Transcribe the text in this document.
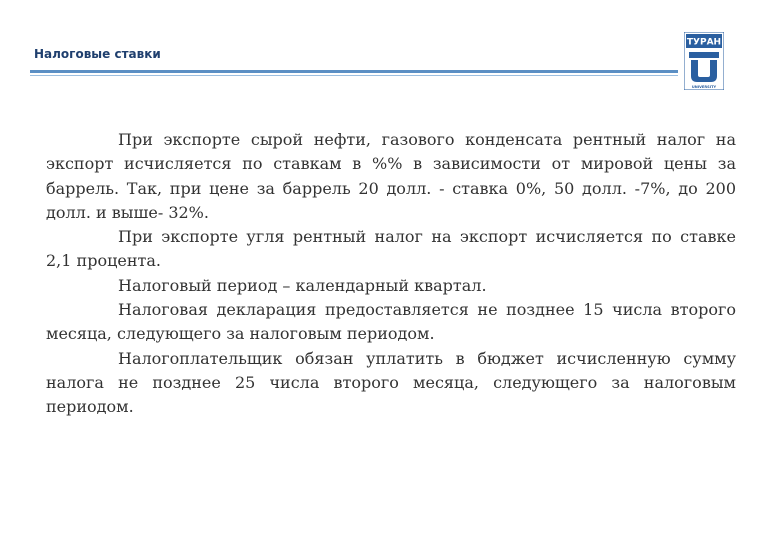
Налоговые ставки
ТУРАН
UNIVERSITY

При экспорте сырой нефти, газового конденсата рентный налог на экспорт исчисляется по ставкам в %% в зависимости от мировой цены за баррель. Так, при цене за баррель 20 долл. - ставка 0%, 50 долл. -7%, до 200 долл. и выше- 32%.

При экспорте угля рентный налог на экспорт исчисляется по ставке 2,1 процента.

Налоговый период – календарный квартал.

Налоговая декларация предоставляется не позднее 15 числа второго месяца, следующего за налоговым периодом.

Налогоплательщик обязан уплатить в бюджет исчисленную сумму налога не позднее 25 числа второго месяца, следующего за налоговым периодом.
